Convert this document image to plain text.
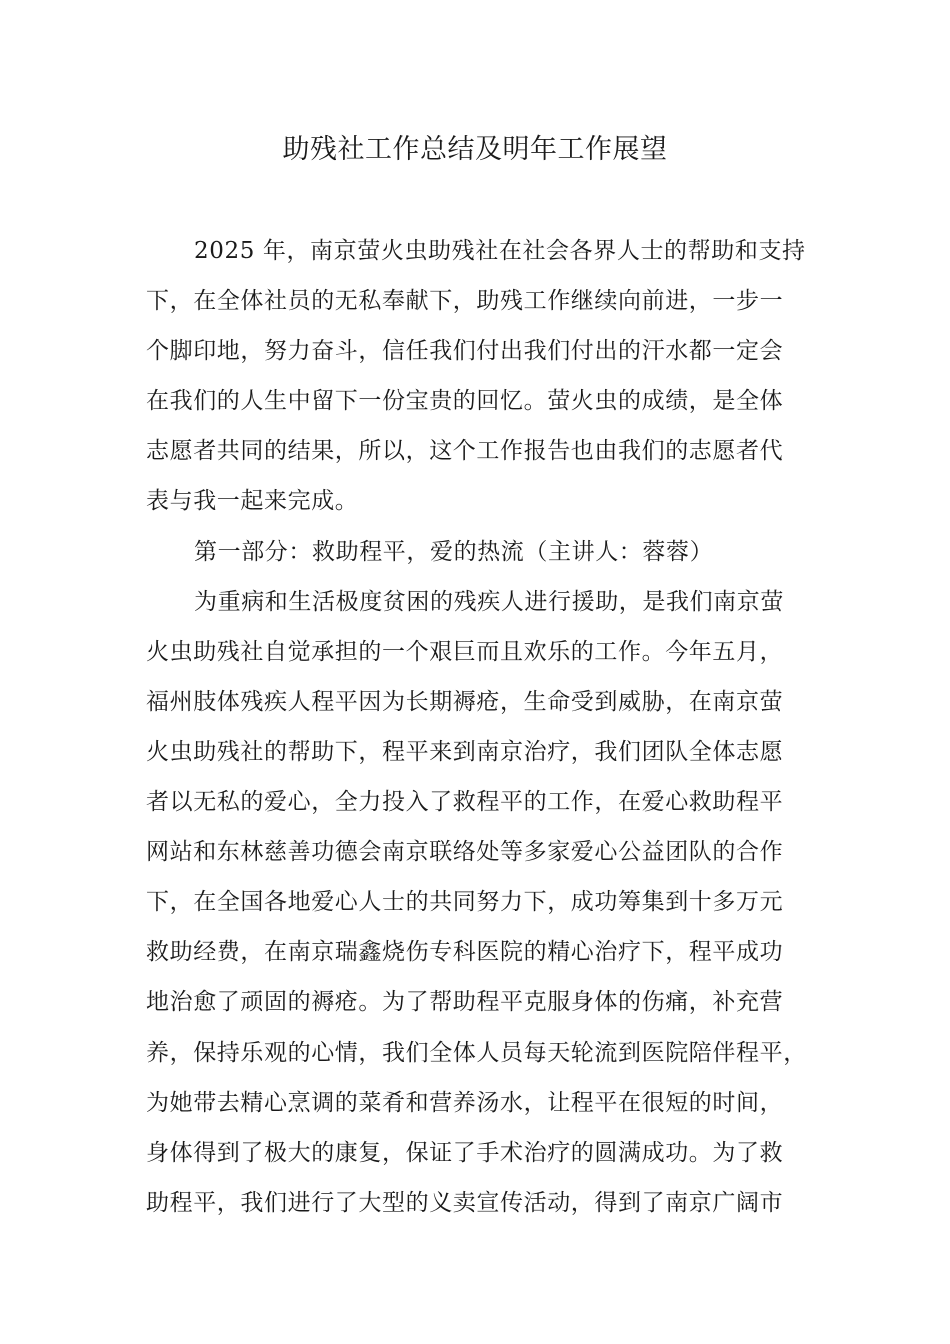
助残社工作总结及明年工作展望
2025 年，南京萤火虫助残社在社会各界人士的帮助和支持
下，在全体社员的无私奉献下，助残工作继续向前进，一步一
个脚印地，努力奋斗，信任我们付出我们付出的汗水都一定会
在我们的人生中留下一份宝贵的回忆。萤火虫的成绩，是全体
志愿者共同的结果，所以，这个工作报告也由我们的志愿者代
表与我一起来完成。
第一部分：救助程平，爱的热流（主讲人：蓉蓉）
为重病和生活极度贫困的残疾人进行援助，是我们南京萤
火虫助残社自觉承担的一个艰巨而且欢乐的工作。今年五月，
福州肢体残疾人程平因为长期褥疮，生命受到威胁，在南京萤
火虫助残社的帮助下，程平来到南京治疗，我们团队全体志愿
者以无私的爱心，全力投入了救程平的工作，在爱心救助程平
网站和东林慈善功德会南京联络处等多家爱心公益团队的合作
下，在全国各地爱心人士的共同努力下，成功筹集到十多万元
救助经费，在南京瑞鑫烧伤专科医院的精心治疗下，程平成功
地治愈了顽固的褥疮。为了帮助程平克服身体的伤痛，补充营
养，保持乐观的心情，我们全体人员每天轮流到医院陪伴程平，
为她带去精心烹调的菜肴和营养汤水，让程平在很短的时间，
身体得到了极大的康复，保证了手术治疗的圆满成功。为了救
助程平，我们进行了大型的义卖宣传活动，得到了南京广阔市
